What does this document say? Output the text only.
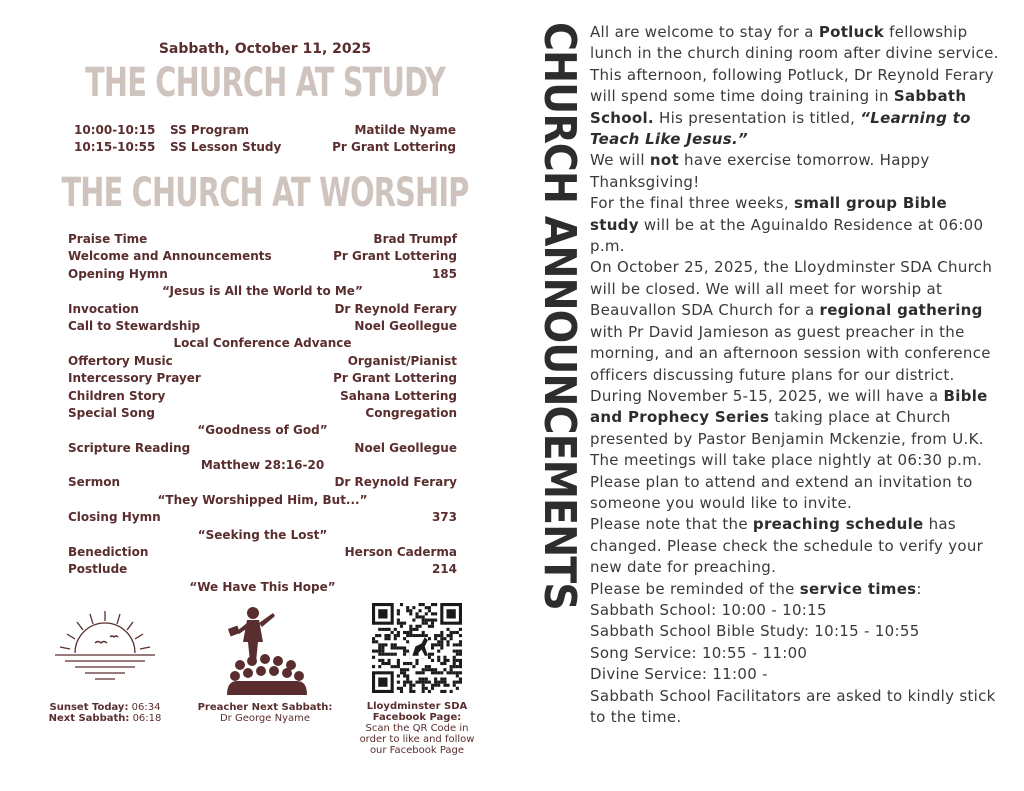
Sabbath, October 11, 2025
THE CHURCH AT STUDY
10:00-10:15 SS Program	Matilde Nyame
10:15-10:55 SS Lesson Study	Pr Grant Lottering
THE CHURCH AT WORSHIP
Praise Time	Brad Trumpf
Welcome and Announcements	Pr Grant Lottering
Opening Hymn	185
“Jesus is All the World to Me”
Invocation	Dr Reynold Ferary
Call to Stewardship	Noel Geollegue
Local Conference Advance
Offertory Music	Organist/Pianist
Intercessory Prayer	Pr Grant Lottering
Children Story	Sahana Lottering
Special Song	Congregation
“Goodness of God”
Scripture Reading	Noel Geollegue
Matthew 28:16-20
Sermon	Dr Reynold Ferary
“They Worshipped Him, But...”
Closing Hymn	373
“Seeking the Lost”
Benediction	Herson Caderma
Postlude	214
“We Have This Hope”
Sunset Today: 06:34
Next Sabbath: 06:18
Preacher Next Sabbath:
Dr George Nyame
Lloydminster SDA
Facebook Page:
Scan the QR Code in
order to like and follow
our Facebook Page
CHURCH ANNOUNCEMENTS All are welcome to stay for a Potluck fellowship lunch in the church dining room after divine service.

This afternoon, following Potluck, Dr Reynold Ferary will spend some time doing training in Sabbath School. His presentation is titled, “Learning to Teach Like Jesus.”

We will not have exercise tomorrow. Happy Thanksgiving!

For the final three weeks, small group Bible study will be at the Aguinaldo Residence at 06:00 p.m.

On October 25, 2025, the Lloydminster SDA Church will be closed. We will all meet for worship at Beauvallon SDA Church for a regional gathering with Pr David Jamieson as guest preacher in the morning, and an afternoon session with conference officers discussing future plans for our district.

During November 5-15, 2025, we will have a Bible and Prophecy Series taking place at Church presented by Pastor Benjamin Mckenzie, from U.K. The meetings will take place nightly at 06:30 p.m. Please plan to attend and extend an invitation to someone you would like to invite.

Please note that the preaching schedule has changed. Please check the schedule to verify your new date for preaching.

Please be reminded of the service times:

Sabbath School: 10:00 - 10:15

Sabbath School Bible Study: 10:15 - 10:55

Song Service: 10:55 - 11:00

Divine Service: 11:00 -

Sabbath School Facilitators are asked to kindly stick to the time.
